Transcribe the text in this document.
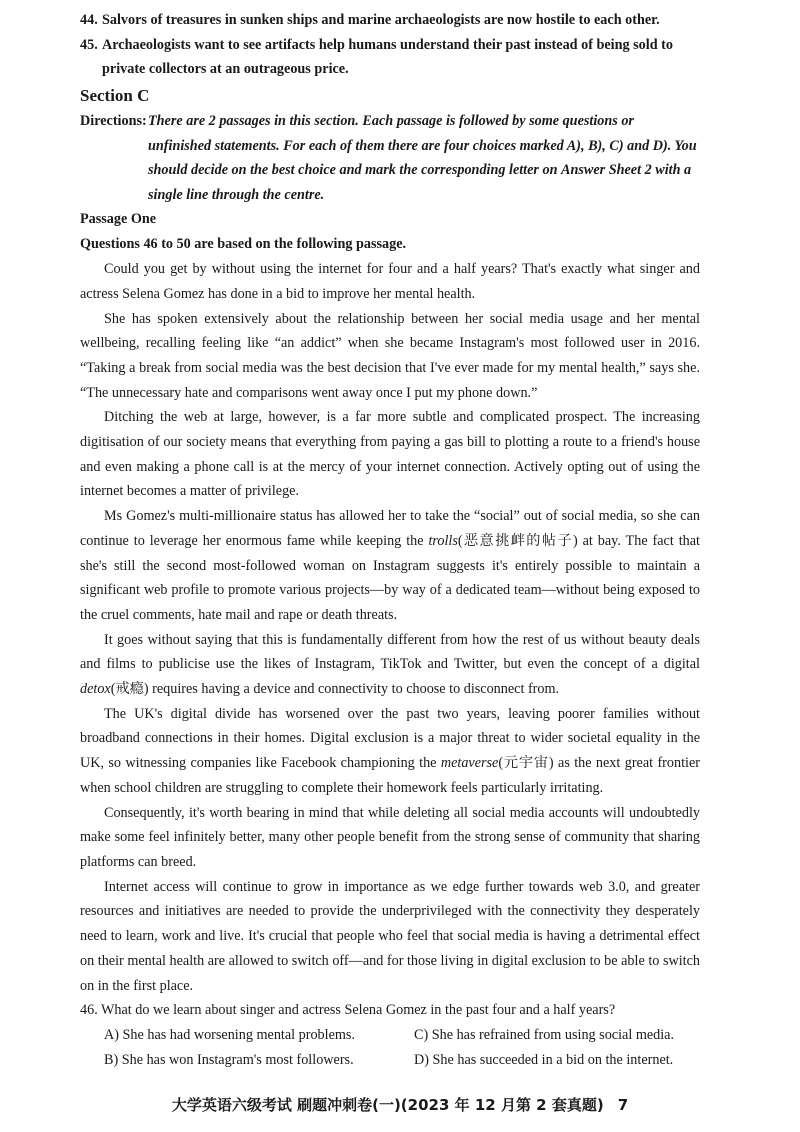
44. Salvors of treasures in sunken ships and marine archaeologists are now hostile to each other.
45. Archaeologists want to see artifacts help humans understand their past instead of being sold to private collectors at an outrageous price.
Section C
Directions: There are 2 passages in this section. Each passage is followed by some questions or unfinished statements. For each of them there are four choices marked A), B), C) and D). You should decide on the best choice and mark the corresponding letter on Answer Sheet 2 with a single line through the centre.
Passage One
Questions 46 to 50 are based on the following passage.

Could you get by without using the internet for four and a half years? That's exactly what singer and actress Selena Gomez has done in a bid to improve her mental health.

She has spoken extensively about the relationship between her social media usage and her mental wellbeing, recalling feeling like “an addict” when she became Instagram's most followed user in 2016. “Taking a break from social media was the best decision that I've ever made for my mental health,” says she. “The unnecessary hate and comparisons went away once I put my phone down.”

Ditching the web at large, however, is a far more subtle and complicated prospect. The increasing digitisation of our society means that everything from paying a gas bill to plotting a route to a friend's house and even making a phone call is at the mercy of your internet connection. Actively opting out of using the internet becomes a matter of privilege.

Ms Gomez's multi-millionaire status has allowed her to take the “social” out of social media, so she can continue to leverage her enormous fame while keeping the trolls(恶意挑衅的帖子) at bay. The fact that she's still the second most-followed woman on Instagram suggests it's entirely possible to maintain a significant web profile to promote various projects—by way of a dedicated team—without being exposed to the cruel comments, hate mail and rape or death threats.

It goes without saying that this is fundamentally different from how the rest of us without beauty deals and films to publicise use the likes of Instagram, TikTok and Twitter, but even the concept of a digital detox(戒瘾) requires having a device and connectivity to choose to disconnect from.

The UK's digital divide has worsened over the past two years, leaving poorer families without broadband connections in their homes. Digital exclusion is a major threat to wider societal equality in the UK, so witnessing companies like Facebook championing the metaverse(元宇宙) as the next great frontier when school children are struggling to complete their homework feels particularly irritating.

Consequently, it's worth bearing in mind that while deleting all social media accounts will undoubtedly make some feel infinitely better, many other people benefit from the strong sense of community that sharing platforms can breed.

Internet access will continue to grow in importance as we edge further towards web 3.0, and greater resources and initiatives are needed to provide the underprivileged with the connectivity they desperately need to learn, work and live. It's crucial that people who feel that social media is having a detrimental effect on their mental health are allowed to switch off—and for those living in digital exclusion to be able to switch on in the first place.

46. What do we learn about singer and actress Selena Gomez in the past four and a half years?
A) She has had worsening mental problems.	C) She has refrained from using social media.
B) She has won Instagram's most followers.	D) She has succeeded in a bid on the internet.
大学英语六级考试 刷题冲刺卷(一)(2023 年 12 月第 2 套真题) 7
